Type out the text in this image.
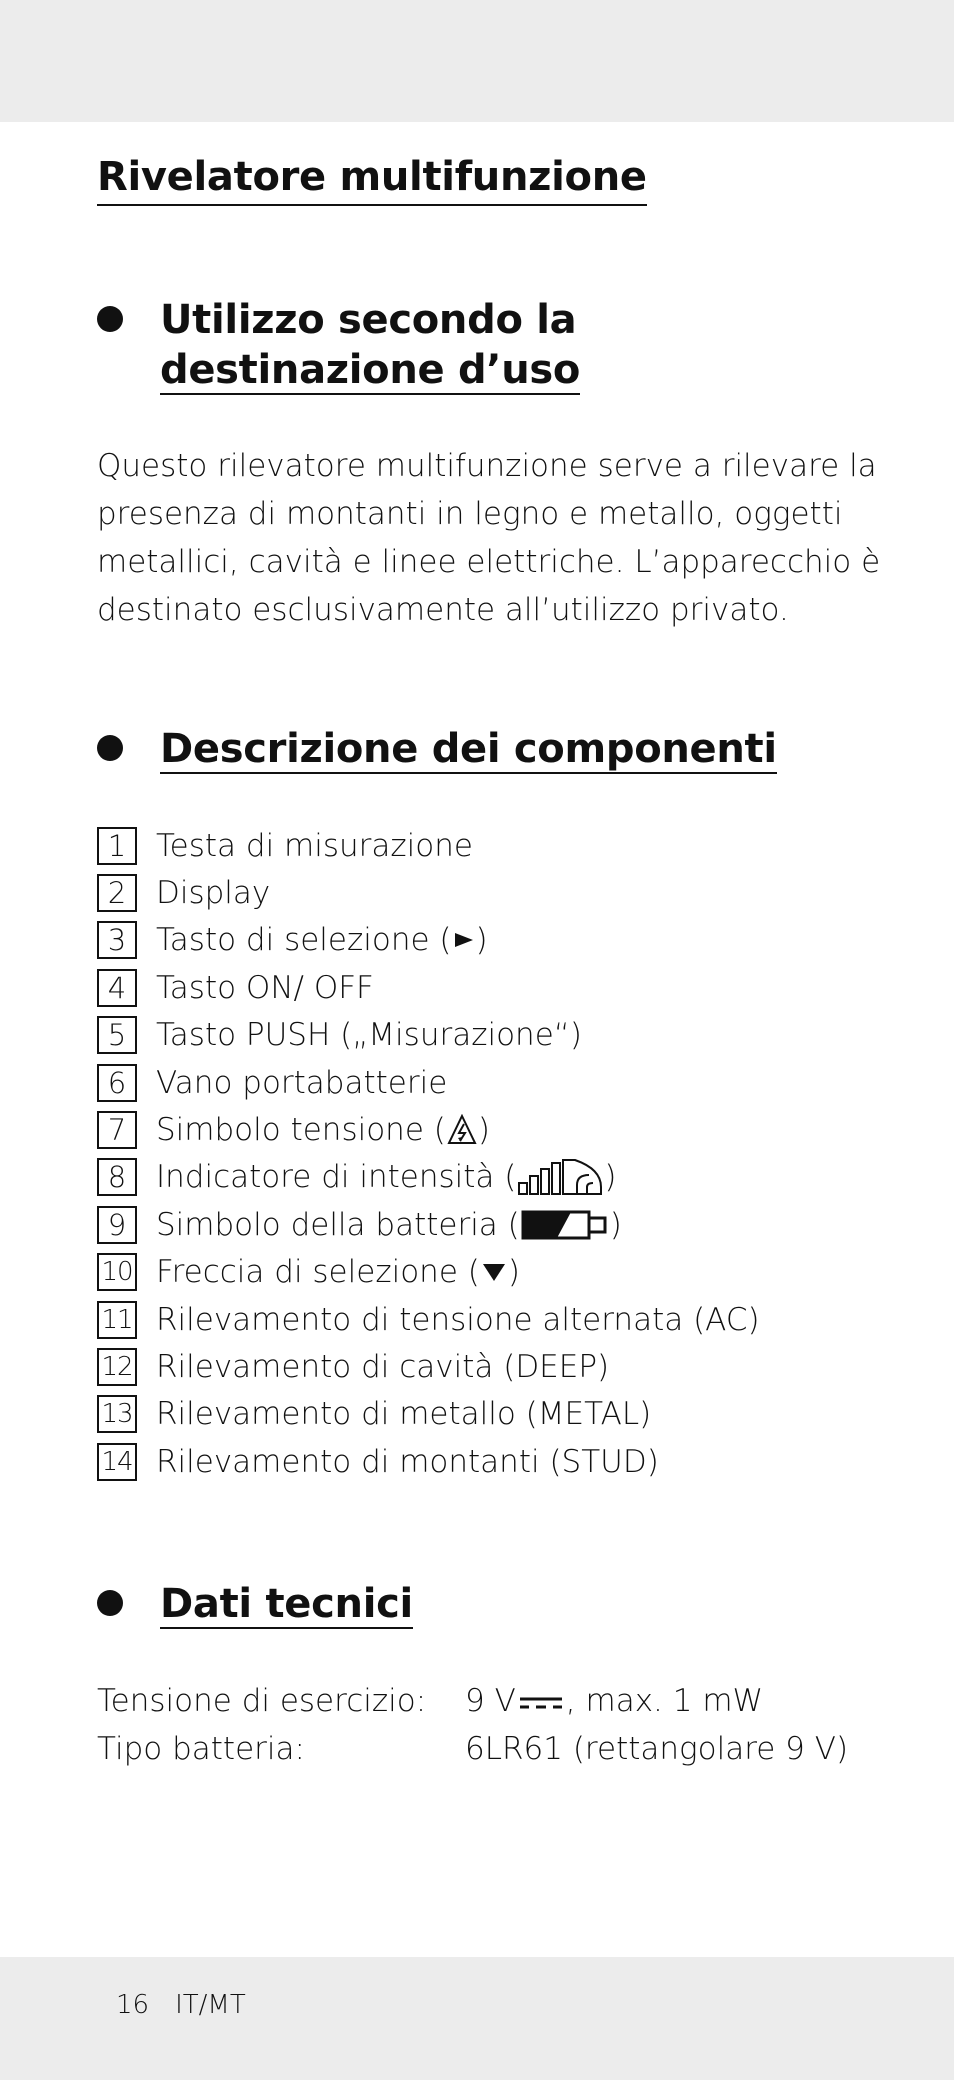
Rivelatore multifunzione
Utilizzo secondo la
destinazione d’uso
Questo rilevatore multifunzione serve a rilevare la
presenza di montanti in legno e metallo, oggetti
metallici, cavità e linee elettriche. L’apparecchio è
destinato esclusivamente all’utilizzo privato.
Descrizione dei componenti
1 Testa di misurazione
2 Display
3 Tasto di selezione ( )
4 Tasto ON/ OFF
5 Tasto PUSH („Misurazione“)
6 Vano portabatterie
7 Simbolo tensione ( )
8 Indicatore di intensità (	)
9 Simbolo della batteria (	)
10 Freccia di selezione ( )
11 Rilevamento di tensione alternata (AC)
12 Rilevamento di cavità (DEEP)
13 Rilevamento di metallo (METAL)
14 Rilevamento di montanti (STUD)
Dati tecnici
Tensione di esercizio:	9 V , max. 1 mW
Tipo batteria:	6LR61 (rettangolare 9 V)
16 IT/MT
